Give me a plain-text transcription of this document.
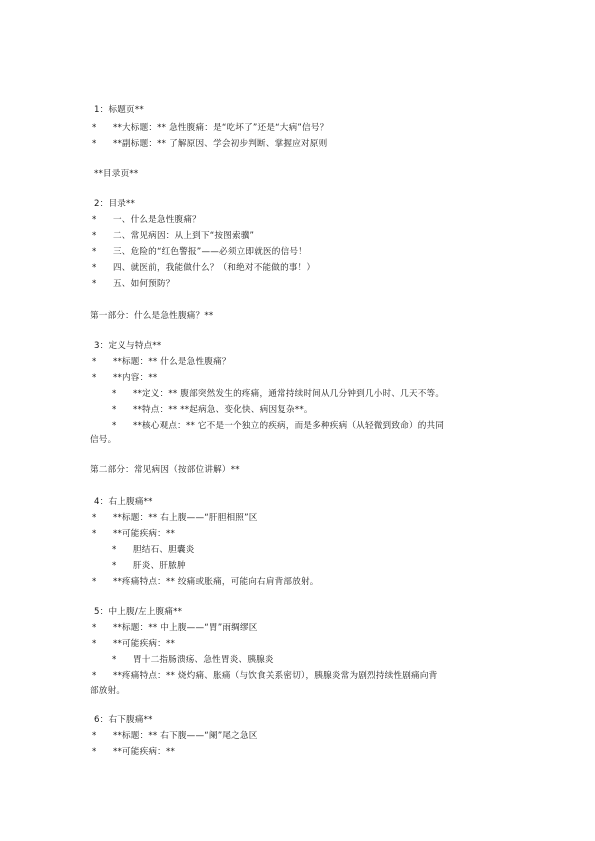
1：标题页**
*	**大标题：** 急性腹痛：是“吃坏了”还是“大病”信号？
*	**副标题：** 了解原因、学会初步判断、掌握应对原则
**目录页**
2：目录**
*	一、什么是急性腹痛？
*	二、常见病因：从上到下“按图索骥”
*	三、危险的“红色警报”——必须立即就医的信号！
*	四、就医前，我能做什么？（和绝对不能做的事！）
*	五、如何预防？
第一部分：什么是急性腹痛？**
3：定义与特点**
*	**标题：** 什么是急性腹痛？
*	**内容：**
*	**定义：** 腹部突然发生的疼痛，通常持续时间从几分钟到几小时、几天不等。
*	**特点：** **起病急、变化快、病因复杂**。
*	**核心观点：** 它不是一个独立的疾病，而是多种疾病（从轻微到致命）的共同
信号。
第二部分：常见病因（按部位讲解）**
4：右上腹痛**
*	**标题：** 右上腹——“肝胆相照”区
*	**可能疾病：**
*	胆结石、胆囊炎
*	肝炎、肝脓肿
*	**疼痛特点：** 绞痛或胀痛，可能向右肩背部放射。
5：中上腹/左上腹痛**
*	**标题：** 中上腹——“胃”雨绸缪区
*	**可能疾病：**
*	胃十二指肠溃疡、急性胃炎、胰腺炎
*	**疼痛特点：** 烧灼痛、胀痛（与饮食关系密切），胰腺炎常为剧烈持续性剧痛向背
部放射。
6：右下腹痛**
*	**标题：** 右下腹——“阑”尾之急区
*	**可能疾病：**
